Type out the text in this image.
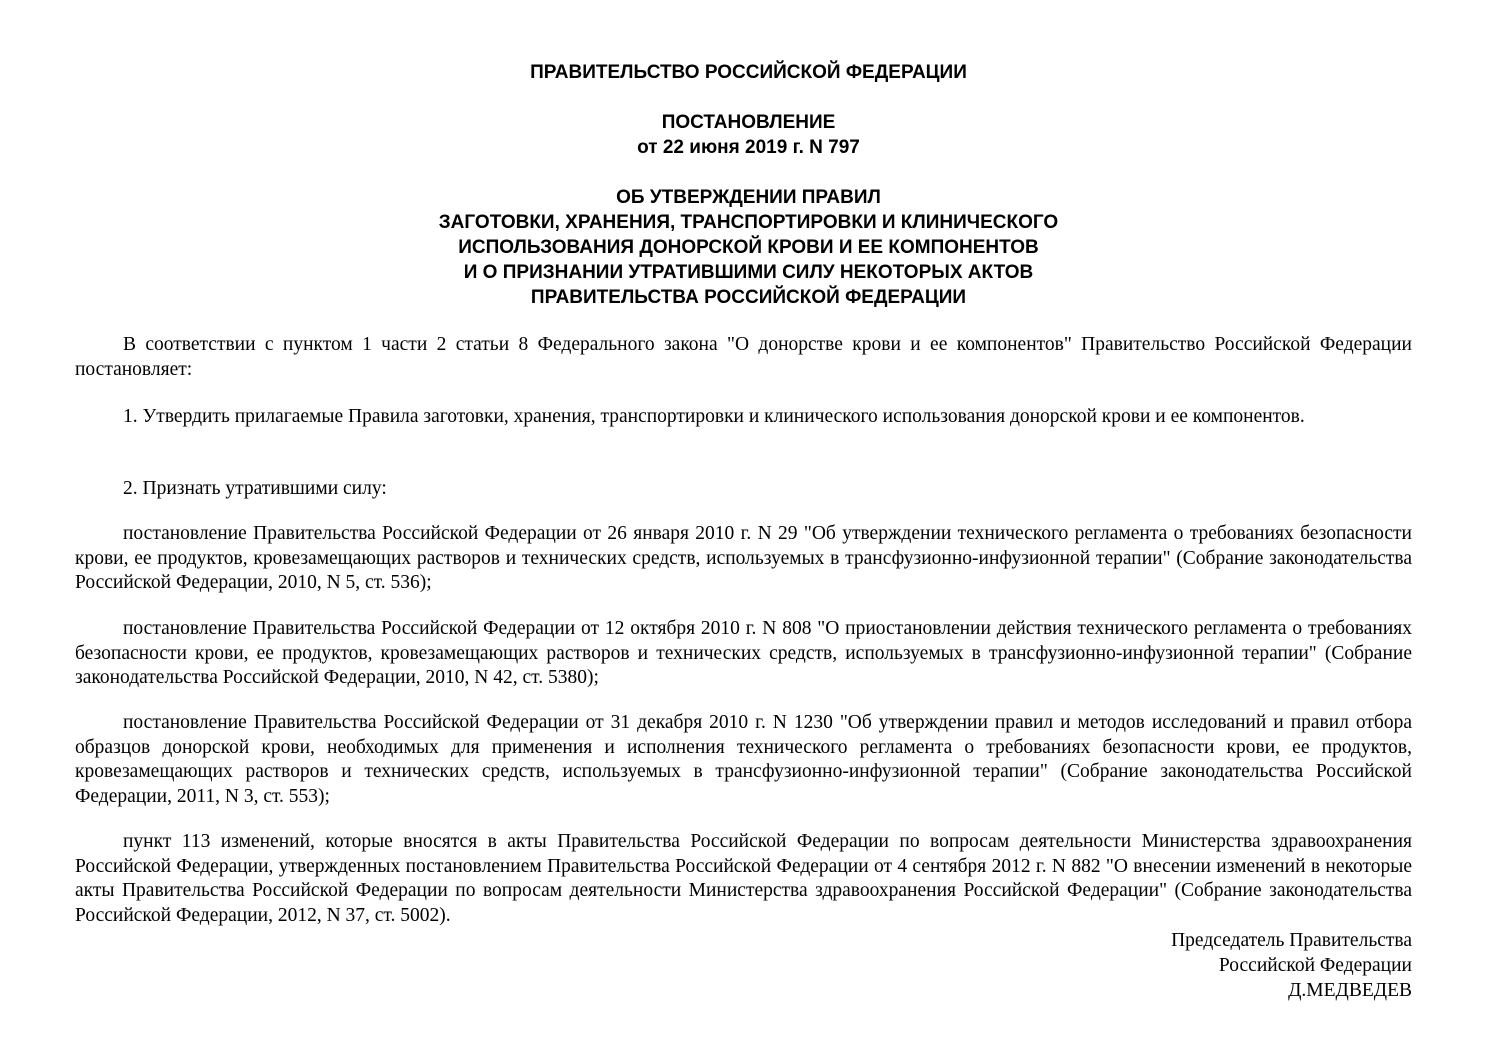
ПРАВИТЕЛЬСТВО РОССИЙСКОЙ ФЕДЕРАЦИИ
ПОСТАНОВЛЕНИЕ
от 22 июня 2019 г. N 797
ОБ УТВЕРЖДЕНИИ ПРАВИЛ
ЗАГОТОВКИ, ХРАНЕНИЯ, ТРАНСПОРТИРОВКИ И КЛИНИЧЕСКОГО
ИСПОЛЬЗОВАНИЯ ДОНОРСКОЙ КРОВИ И ЕЕ КОМПОНЕНТОВ
И О ПРИЗНАНИИ УТРАТИВШИМИ СИЛУ НЕКОТОРЫХ АКТОВ
ПРАВИТЕЛЬСТВА РОССИЙСКОЙ ФЕДЕРАЦИИ

В соответствии с пунктом 1 части 2 статьи 8 Федерального закона "О донорстве крови и ее компонентов" Правительство Российской Федерации постановляет:

1. Утвердить прилагаемые Правила заготовки, хранения, транспортировки и клинического использования донорской крови и ее компонентов.

2. Признать утратившими силу:

постановление Правительства Российской Федерации от 26 января 2010 г. N 29 "Об утверждении технического регламента о требованиях безопасности крови, ее продуктов, кровезамещающих растворов и технических средств, используемых в трансфузионно-инфузионной терапии" (Собрание законодательства Российской Федерации, 2010, N 5, ст. 536);

постановление Правительства Российской Федерации от 12 октября 2010 г. N 808 "О приостановлении действия технического регламента о требованиях безопасности крови, ее продуктов, кровезамещающих растворов и технических средств, используемых в трансфузионно-инфузионной терапии" (Собрание законодательства Российской Федерации, 2010, N 42, ст. 5380);

постановление Правительства Российской Федерации от 31 декабря 2010 г. N 1230 "Об утверждении правил и методов исследований и правил отбора образцов донорской крови, необходимых для применения и исполнения технического регламента о требованиях безопасности крови, ее продуктов, кровезамещающих растворов и технических средств, используемых в трансфузионно-инфузионной терапии" (Собрание законодательства Российской Федерации, 2011, N 3, ст. 553);

пункт 113 изменений, которые вносятся в акты Правительства Российской Федерации по вопросам деятельности Министерства здравоохранения Российской Федерации, утвержденных постановлением Правительства Российской Федерации от 4 сентября 2012 г. N 882 "О внесении изменений в некоторые акты Правительства Российской Федерации по вопросам деятельности Министерства здравоохранения Российской Федерации" (Собрание законодательства Российской Федерации, 2012, N 37, ст. 5002).

Председатель Правительства
Российской Федерации
Д.МЕДВЕДЕВ
